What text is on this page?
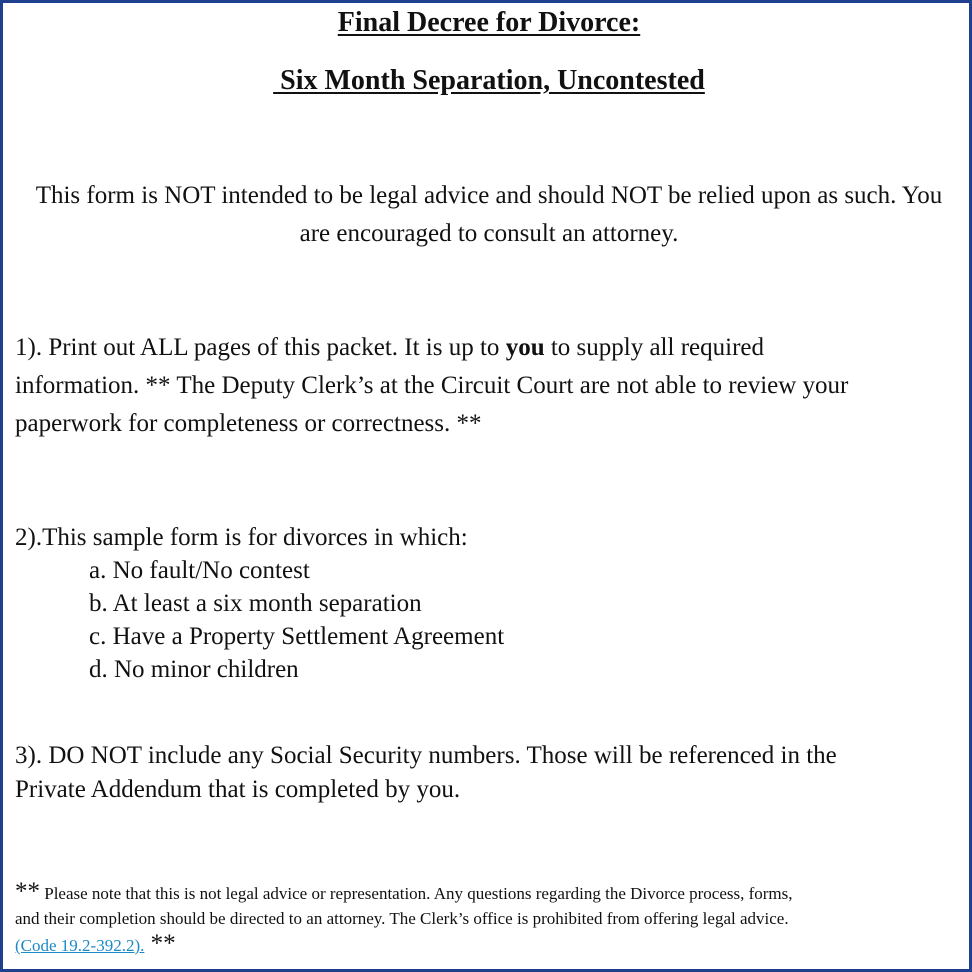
Final Decree for Divorce:
Six Month Separation, Uncontested
This form is NOT intended to be legal advice and should NOT be relied upon as such. You are encouraged to consult an attorney.
1). Print out ALL pages of this packet. It is up to you to supply all required
information. ** The Deputy Clerk’s at the Circuit Court are not able to review your
paperwork for completeness or correctness. **
2).This sample form is for divorces in which:
a. No fault/No contest
b. At least a six month separation
c. Have a Property Settlement Agreement
d. No minor children
3). DO NOT include any Social Security numbers. Those will be referenced in the
Private Addendum that is completed by you.
** Please note that this is not legal advice or representation. Any questions regarding the Divorce process, forms,
and their completion should be directed to an attorney. The Clerk’s office is prohibited from offering legal advice.
(Code 19.2-392.2). **
